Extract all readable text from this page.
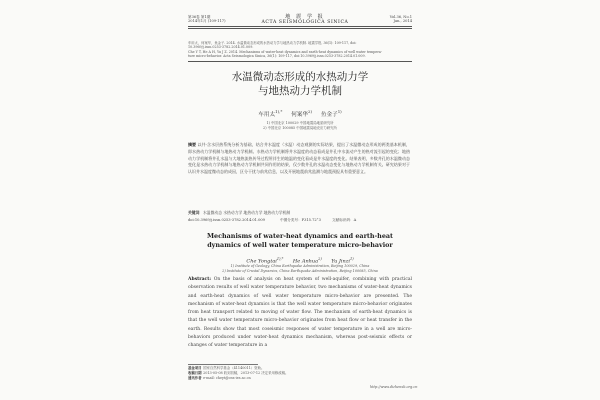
第36卷 第1期
2014年1月 (109-117)
地 震 学 报
ACTA SEISMOLOGICA SINICA
Vol.36, No.1
Jan., 2014
车用太，何案华，鱼金子. 2014. 水温微动态形成的水热动力学与地热动力学机制. 地震学报, 36(1): 109-117, doi:
10.3969/j.issn.0253-3782.2014.01.009.
Che Y T, He A H, Yu J Z. 2014. Mechanisms of water-heat dynamics and earth-heat dynamics of well water tempera-
ture micro-behavior. Acta Seismologica Sinica, 36(1): 109-117, doi:10.3969/j.issn.0253-3782.2014.01.009.
水温微动态形成的水热动力学
与地热动力学机制
车用太$^{1),*}$     何案华$^{2)}$     鱼金子$^{1)}$
1) 中国北京 100029 中国地震局地质研究所
2) 中国北京 100085 中国地震局地壳应力研究所
摘要 以井-含水层热系统分析为基础，结合井水温度（水温）动态观测的实际结果，提出了水温微动态形成的两类基本机制，即水热动力学机制与地热动力学机制。水热动力学机制将井水温度的动态看成是井孔中水流动产生的热对流引起的变化；地热动力学机制将井孔水温与大地热流热传导过程所伴生的地温的变化看成是井水温度的变化。结果表明，多数井孔的水温微动态变化是水热动力学机制与地热动力学机制共同作用的结果，仅少数井孔的水温动态变化与地热动力学机制有关。研究结果对于认识井水温度微动态的成因，区分干扰与前兆信息，以及开展地震前兆监测与地震预报具有重要意义。
关键词 水温微动态 水热动力学 地热动力学 地热动力学机制
doi:10.3969/j.issn.0253-3782.2014.01.009	中图分类号：P315.72⁺3	文献标识码：A
Mechanisms of water-heat dynamics and earth-heat
dynamics of well water temperature micro-behavior
Che Yongtai$^{1),*}$ He Anhua$^{2)}$ Yu Jinzi$^{1)}$
1) Institute of Geology, China Earthquake Administration, Beijing 100029, China
2) Institute of Crustal Dynamics, China Earthquake Administration, Beijing 100085, China
Abstract: On the basis of analysis on heat system of well-aquifer, combining with practical observation results of well water temperature behavior, two mechanisms of water-heat dynamics and earth-heat dynamics of well water temperature micro-behavior are presented. The mechanism of water-heat dynamics is that the well water temperature micro-behavior originates from heat transport related to moving of water flow. The mechanism of earth-heat dynamics is that the well water temperature micro-behavior originates from heat flow or heat transfer in the earth. Results show that most coseismic responses of water temperature in a well are micro-behaviors produced under water-heat dynamics mechanism, whereas post-seismic effects or changes of water temperature in a
基金项目 国家自然科学基金（41140011）资助。
收稿日期 2013-05-08 收到初稿，2013-07-12 决定采用修改稿。
通讯作者 e-mail: cheyt@cea-ies.ac.cn
http://www.dizhenxb.org.cn
